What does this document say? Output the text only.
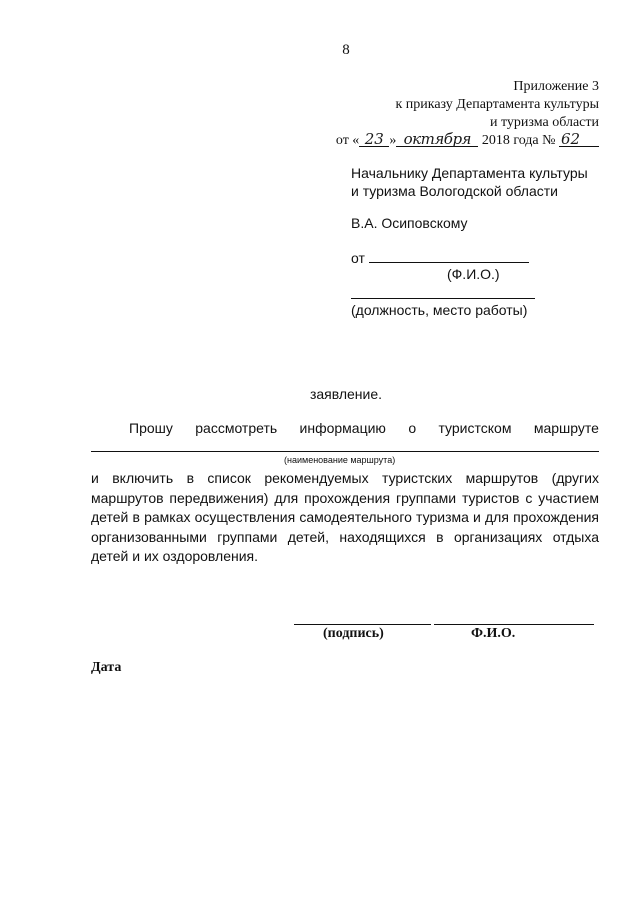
8
Приложение 3
к приказу Департамента культуры
и туризма области
от « 23 » октября 2018 года № 62
Начальнику Департамента культуры
и туризма Вологодской области
В.А. Осиповскому
от
(Ф.И.О.)
(должность, место работы)
заявление.
Прошу рассмотреть информацию о туристском маршруте
(наименование маршрута)
и включить в список рекомендуемых туристских маршрутов (других
маршрутов передвижения) для прохождения группами туристов с участием
детей в рамках осуществления самодеятельного туризма и для прохождения
организованными группами детей, находящихся в организациях отдыха
детей и их оздоровления.
(подпись)	Ф.И.О.
Дата
